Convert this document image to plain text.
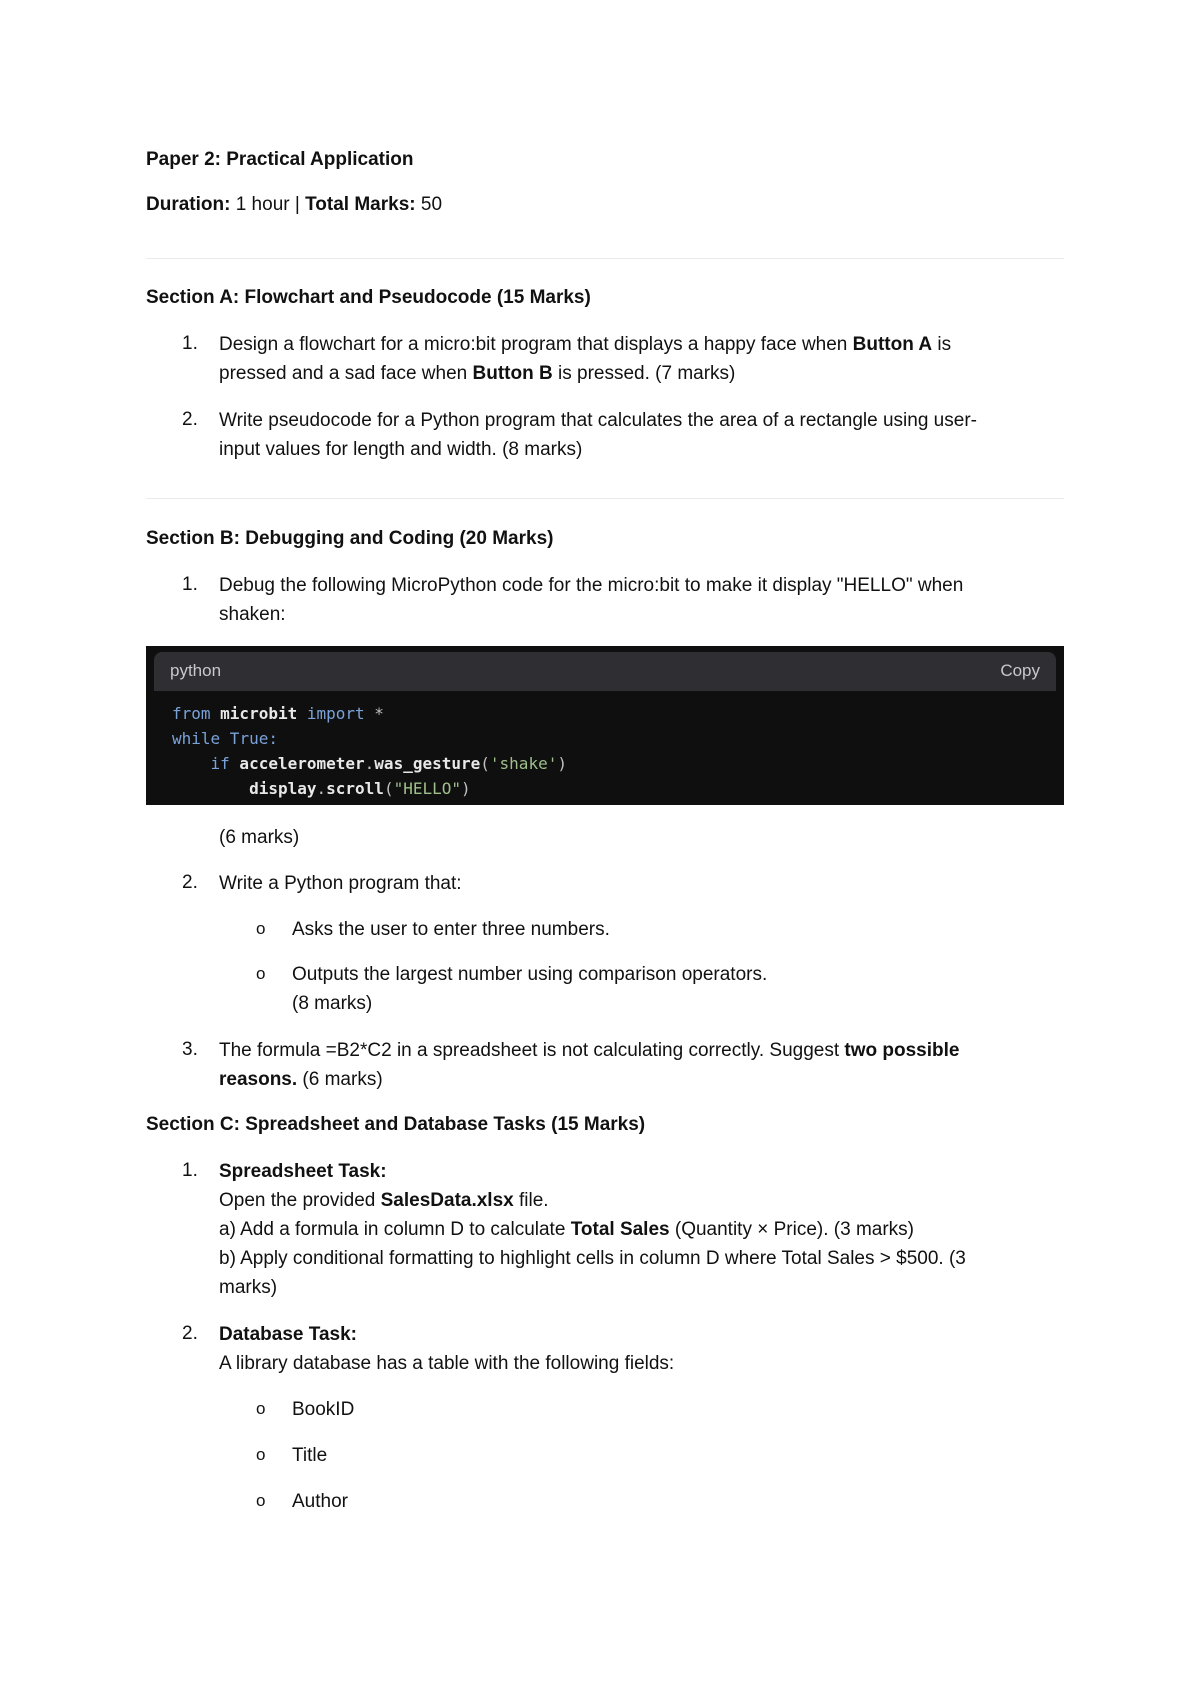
Paper 2: Practical Application
Duration: 1 hour | Total Marks: 50
Section A: Flowchart and Pseudocode (15 Marks)
1.	Design a flowchart for a micro:bit program that displays a happy face when Button A is
pressed and a sad face when Button B is pressed. (7 marks)
2.	Write pseudocode for a Python program that calculates the area of a rectangle using user-
input values for length and width. (8 marks)
Section B: Debugging and Coding (20 Marks)
1.	Debug the following MicroPython code for the micro:bit to make it display "HELLO" when
shaken:
python	Copy
from microbit import *
while True:
if accelerometer.was_gesture('shake')
display.scroll("HELLO")
(6 marks)
2.	Write a Python program that:
o	Asks the user to enter three numbers.
o	Outputs the largest number using comparison operators.
(8 marks)
3.	The formula =B2*C2 in a spreadsheet is not calculating correctly. Suggest two possible
reasons. (6 marks)
Section C: Spreadsheet and Database Tasks (15 Marks)
1.	Spreadsheet Task:
Open the provided SalesData.xlsx file.
a) Add a formula in column D to calculate Total Sales (Quantity × Price). (3 marks)
b) Apply conditional formatting to highlight cells in column D where Total Sales > $500. (3
marks)
2.	Database Task:
A library database has a table with the following fields:
o	BookID
o	Title
o	Author
